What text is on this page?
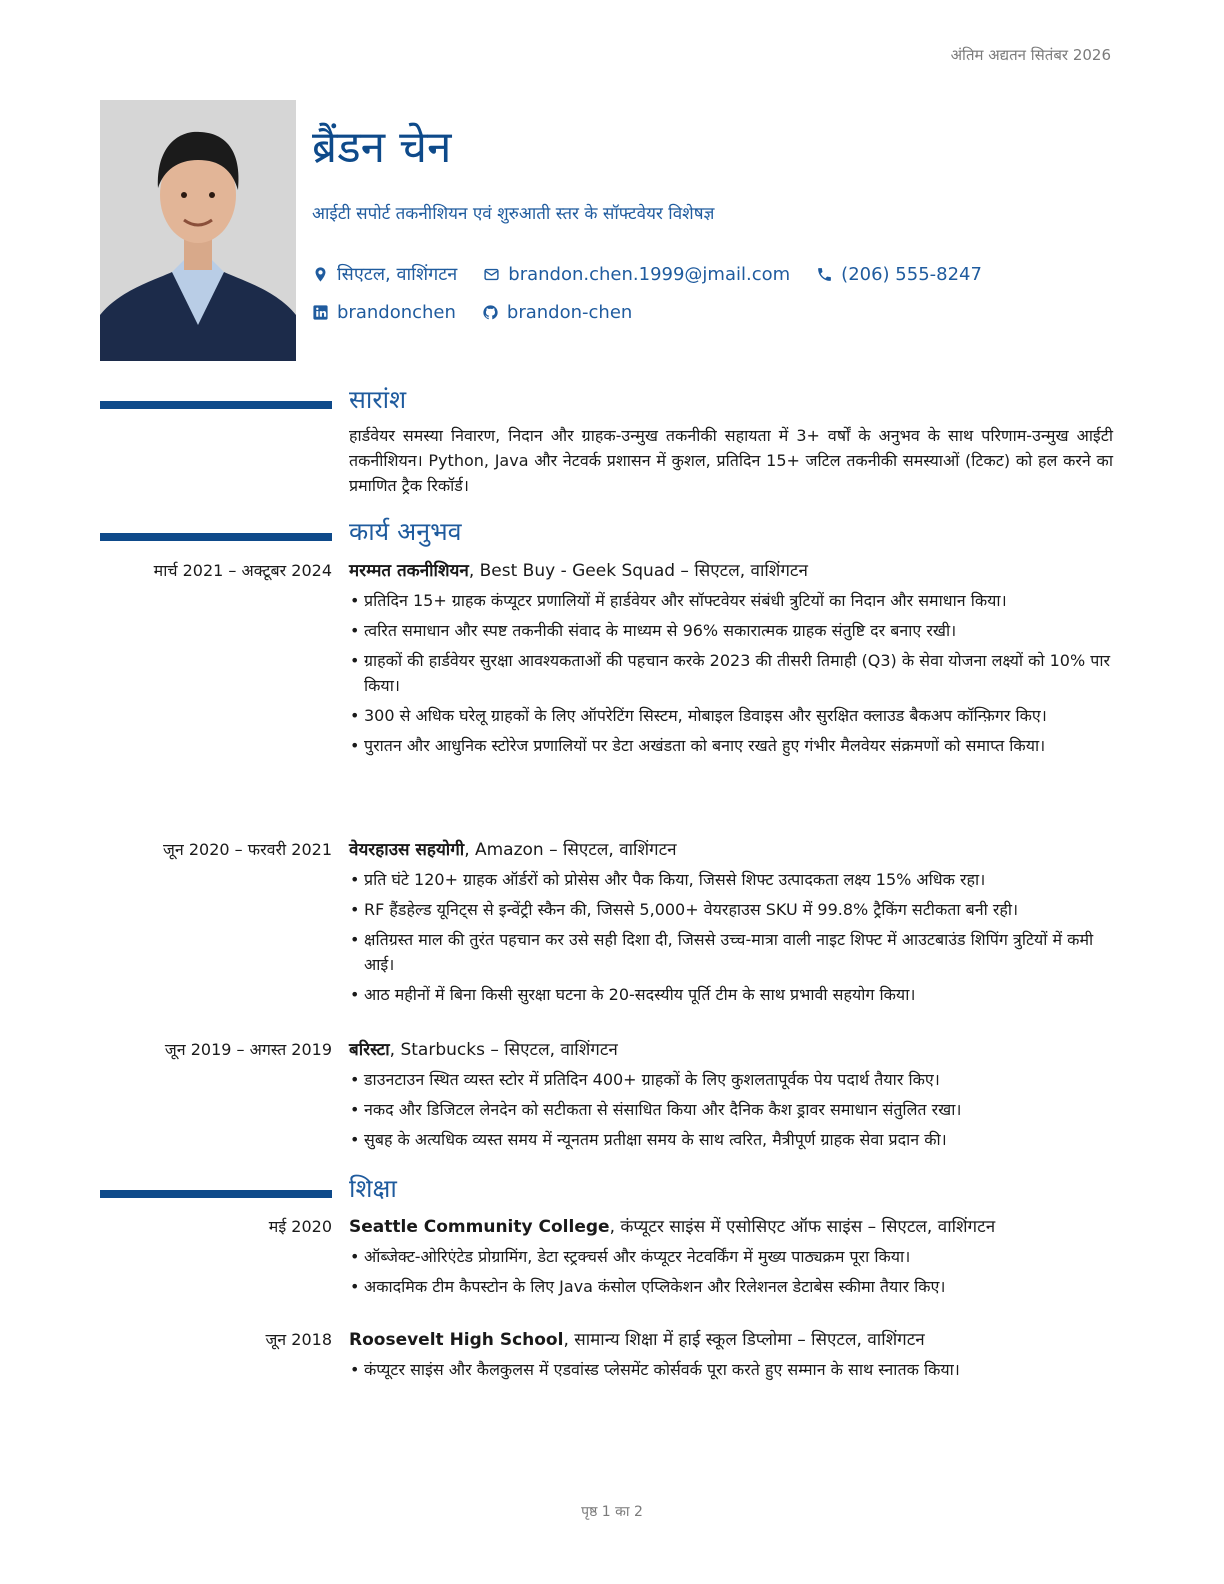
अंतिम अद्यतन सितंबर 2026
ब्रैंडन चेन
आईटी सपोर्ट तकनीशियन एवं शुरुआती स्तर के सॉफ्टवेयर विशेषज्ञ
सिएटल, वाशिंगटन	brandon.chen.1999@jmail.com	(206) 555-8247
brandonchen	brandon-chen
सारांश
हार्डवेयर समस्या निवारण, निदान और ग्राहक-उन्मुख तकनीकी सहायता में 3+ वर्षों के अनुभव के साथ परिणाम-उन्मुख आईटी तकनीशियन। Python, Java और नेटवर्क प्रशासन में कुशल, प्रतिदिन 15+ जटिल तकनीकी समस्याओं (टिकट) को हल करने का प्रमाणित ट्रैक रिकॉर्ड।
कार्य अनुभव
मार्च 2021 – अक्टूबर 2024 मरम्मत तकनीशियन, Best Buy - Geek Squad – सिएटल, वाशिंगटन
• प्रतिदिन 15+ ग्राहक कंप्यूटर प्रणालियों में हार्डवेयर और सॉफ्टवेयर संबंधी त्रुटियों का निदान और समाधान किया।
• त्वरित समाधान और स्पष्ट तकनीकी संवाद के माध्यम से 96% सकारात्मक ग्राहक संतुष्टि दर बनाए रखी।
• ग्राहकों की हार्डवेयर सुरक्षा आवश्यकताओं की पहचान करके 2023 की तीसरी तिमाही (Q3) के सेवा योजना लक्ष्यों को 10% पार किया।
• 300 से अधिक घरेलू ग्राहकों के लिए ऑपरेटिंग सिस्टम, मोबाइल डिवाइस और सुरक्षित क्लाउड बैकअप कॉन्फ़िगर किए।
• पुरातन और आधुनिक स्टोरेज प्रणालियों पर डेटा अखंडता को बनाए रखते हुए गंभीर मैलवेयर संक्रमणों को समाप्त किया।
जून 2020 – फरवरी 2021 वेयरहाउस सहयोगी, Amazon – सिएटल, वाशिंगटन
• प्रति घंटे 120+ ग्राहक ऑर्डरों को प्रोसेस और पैक किया, जिससे शिफ्ट उत्पादकता लक्ष्य 15% अधिक रहा।
• RF हैंडहेल्ड यूनिट्स से इन्वेंट्री स्कैन की, जिससे 5,000+ वेयरहाउस SKU में 99.8% ट्रैकिंग सटीकता बनी रही।
• क्षतिग्रस्त माल की तुरंत पहचान कर उसे सही दिशा दी, जिससे उच्च-मात्रा वाली नाइट शिफ्ट में आउटबाउंड शिपिंग त्रुटियों में कमी आई।
• आठ महीनों में बिना किसी सुरक्षा घटना के 20-सदस्यीय पूर्ति टीम के साथ प्रभावी सहयोग किया।
जून 2019 – अगस्त 2019 बरिस्टा, Starbucks – सिएटल, वाशिंगटन
• डाउनटाउन स्थित व्यस्त स्टोर में प्रतिदिन 400+ ग्राहकों के लिए कुशलतापूर्वक पेय पदार्थ तैयार किए।
• नकद और डिजिटल लेनदेन को सटीकता से संसाधित किया और दैनिक कैश ड्रावर समाधान संतुलित रखा।
• सुबह के अत्यधिक व्यस्त समय में न्यूनतम प्रतीक्षा समय के साथ त्वरित, मैत्रीपूर्ण ग्राहक सेवा प्रदान की।
शिक्षा
मई 2020 Seattle Community College, कंप्यूटर साइंस में एसोसिएट ऑफ साइंस – सिएटल, वाशिंगटन
• ऑब्जेक्ट-ओरिएंटेड प्रोग्रामिंग, डेटा स्ट्रक्चर्स और कंप्यूटर नेटवर्किंग में मुख्य पाठ्यक्रम पूरा किया।
• अकादमिक टीम कैपस्टोन के लिए Java कंसोल एप्लिकेशन और रिलेशनल डेटाबेस स्कीमा तैयार किए।
जून 2018 Roosevelt High School, सामान्य शिक्षा में हाई स्कूल डिप्लोमा – सिएटल, वाशिंगटन
• कंप्यूटर साइंस और कैलकुलस में एडवांस्ड प्लेसमेंट कोर्सवर्क पूरा करते हुए सम्मान के साथ स्नातक किया।
पृष्ठ 1 का 2
